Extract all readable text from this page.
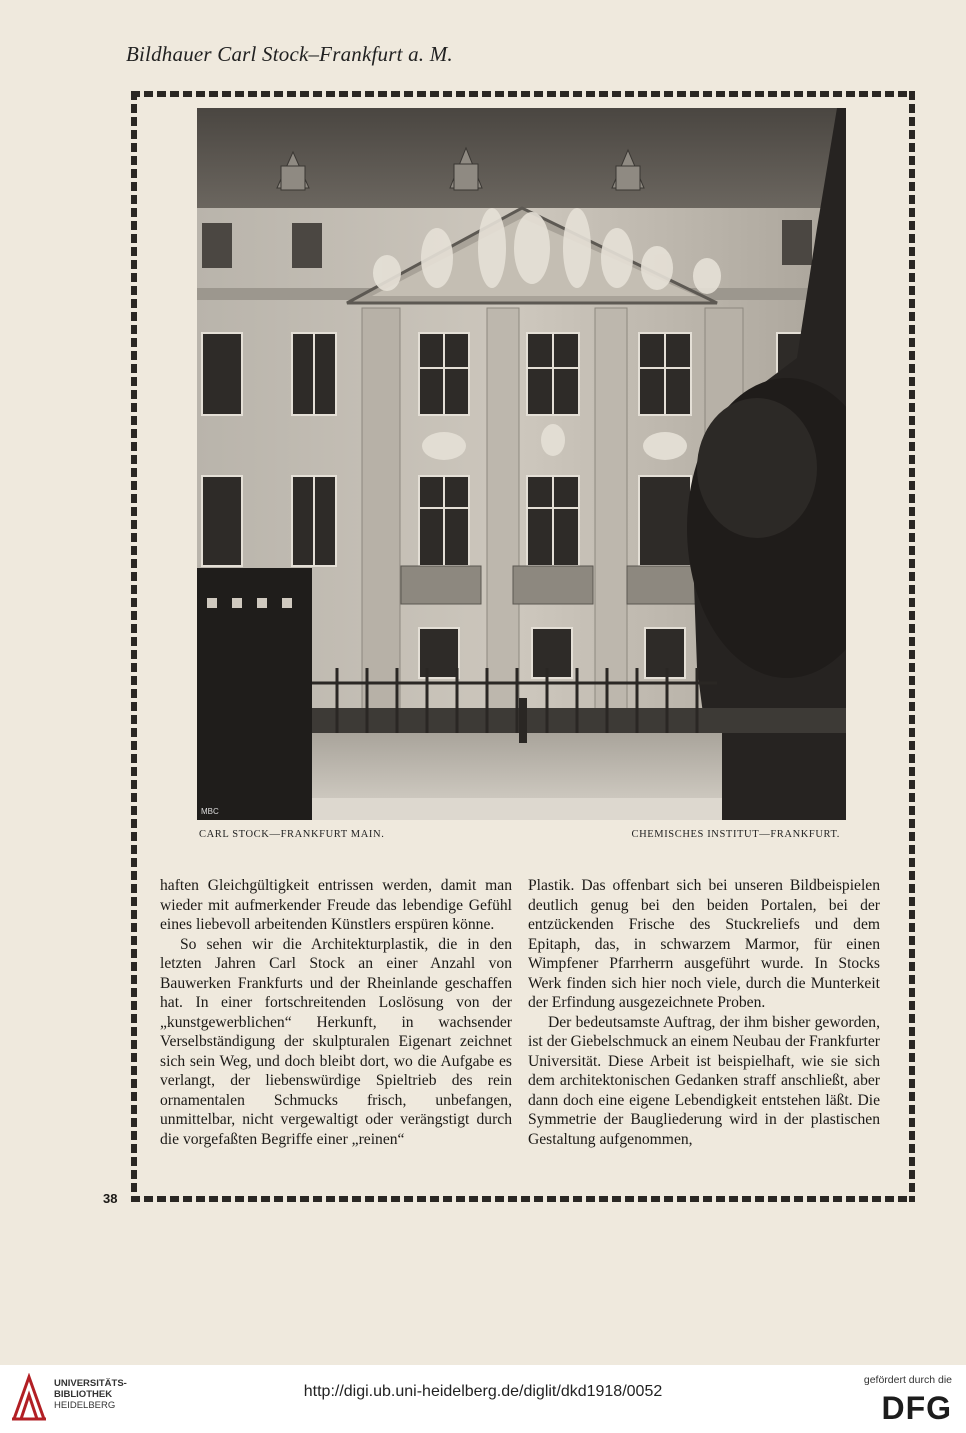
Bildhauer Carl Stock–Frankfurt a. M.
MBC
CARL STOCK—FRANKFURT MAIN.	CHEMISCHES INSTITUT—FRANKFURT.

haften Gleichgültigkeit entrissen werden, damit man wieder mit aufmerkender Freude das lebendige Gefühl eines liebevoll arbeitenden Künstlers erspüren könne.

So sehen wir die Architekturplastik, die in den letzten Jahren Carl Stock an einer Anzahl von Bauwerken Frankfurts und der Rheinlande geschaffen hat. In einer fortschreitenden Loslösung von der „kunstgewerblichen“ Herkunft, in wachsender Verselbständigung der skulpturalen Eigenart zeichnet sich sein Weg, und doch bleibt dort, wo die Aufgabe es verlangt, der liebenswürdige Spieltrieb des rein ornamentalen Schmucks frisch, unbefangen, unmittelbar, nicht vergewaltigt oder verängstigt durch die vorgefaßten Begriffe einer „reinen“

Plastik. Das offenbart sich bei unseren Bildbeispielen deutlich genug bei den beiden Portalen, bei der entzückenden Frische des Stuckreliefs und dem Epitaph, das, in schwarzem Marmor, für einen Wimpfener Pfarrherrn ausgeführt wurde. In Stocks Werk finden sich hier noch viele, durch die Munterkeit der Erfindung ausgezeichnete Proben.

Der bedeutsamste Auftrag, der ihm bisher geworden, ist der Giebelschmuck an einem Neubau der Frankfurter Universität. Diese Arbeit ist beispielhaft, wie sie sich dem architektonischen Gedanken straff anschließt, aber dann doch eine eigene Lebendigkeit entstehen läßt. Die Symmetrie der Baugliederung wird in der plastischen Gestaltung aufgenommen,

38
UNIVERSITÄTS-
BIBLIOTHEK
HEIDELBERG
http://digi.ub.uni-heidelberg.de/diglit/dkd1918/0052
gefördert durch die
DFG
